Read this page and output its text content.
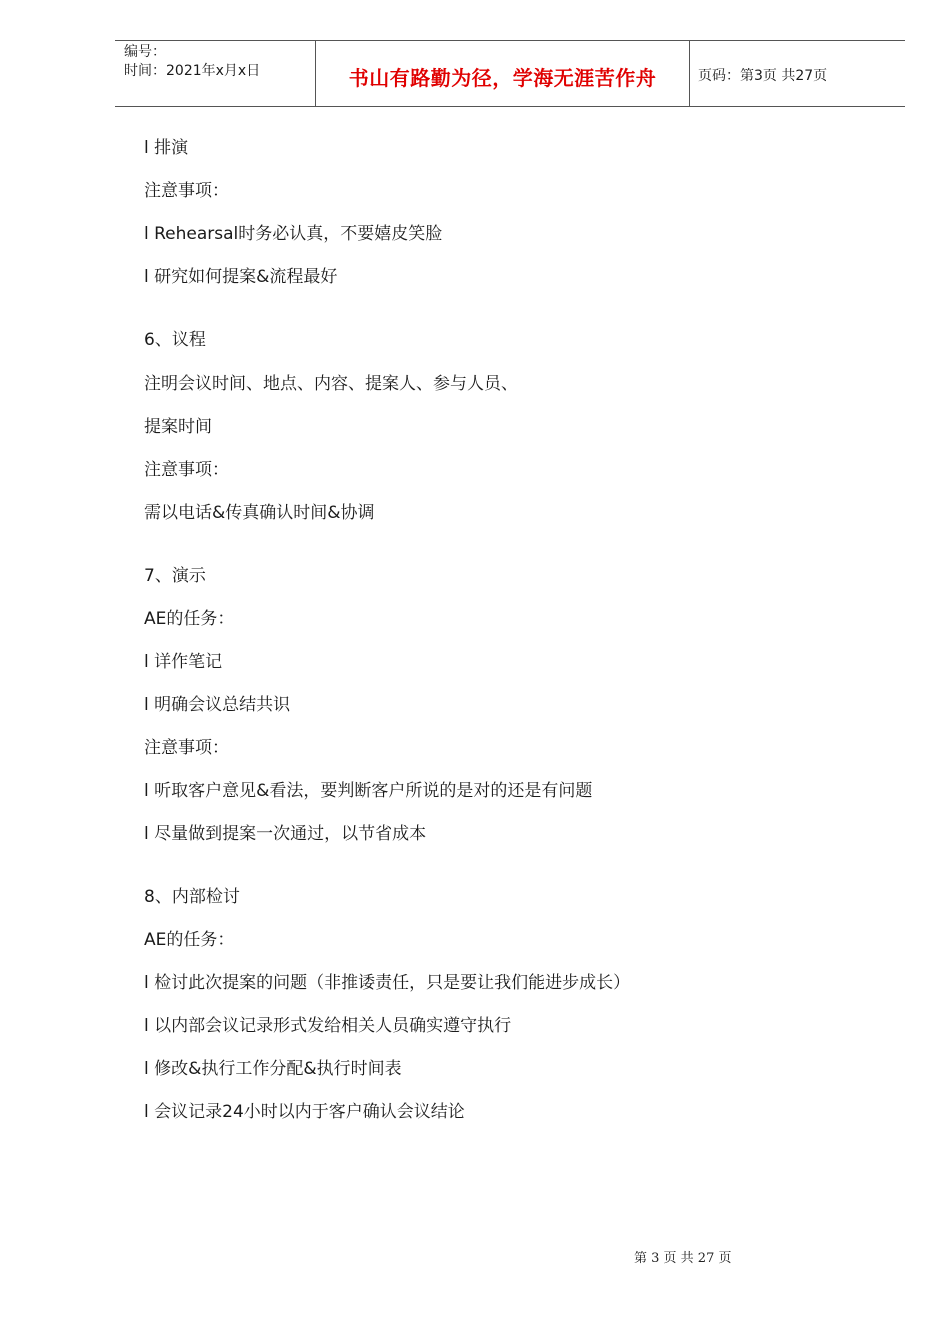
编号：
时间：2021年x月x日	书山有路勤为径，学海无涯苦作舟	页码：第3页 共27页
l 排演
注意事项：
l Rehearsal时务必认真，不要嬉皮笑脸
l 研究如何提案&流程最好
6、议程
注明会议时间、地点、内容、提案人、参与人员、
提案时间
注意事项：
需以电话&传真确认时间&协调
7、演示
AE的任务：
l 详作笔记
l 明确会议总结共识
注意事项：
l 听取客户意见&看法，要判断客户所说的是对的还是有问题
l 尽量做到提案一次通过，以节省成本
8、内部检讨
AE的任务：
l 检讨此次提案的问题（非推诿责任，只是要让我们能进步成长）
l 以内部会议记录形式发给相关人员确实遵守执行
l 修改&执行工作分配&执行时间表
l 会议记录24小时以内于客户确认会议结论
第 3 页 共 27 页
